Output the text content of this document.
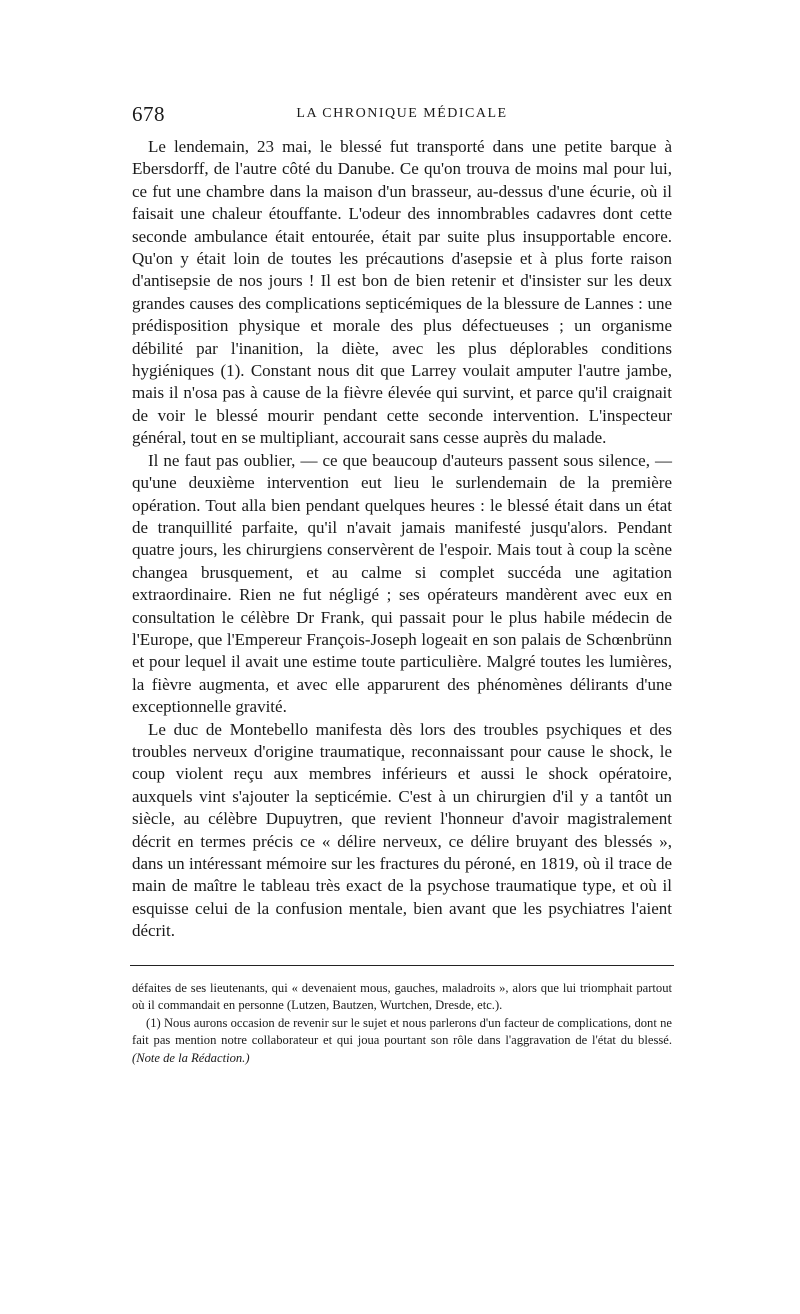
678	LA CHRONIQUE MÉDICALE

Le lendemain, 23 mai, le blessé fut transporté dans une petite barque à Ebersdorff, de l'autre côté du Danube. Ce qu'on trouva de moins mal pour lui, ce fut une chambre dans la maison d'un brasseur, au-dessus d'une écurie, où il faisait une chaleur étouffante. L'odeur des innombrables cadavres dont cette seconde ambulance était entourée, était par suite plus insupportable encore. Qu'on y était loin de toutes les précautions d'asepsie et à plus forte raison d'antisepsie de nos jours ! Il est bon de bien retenir et d'insister sur les deux grandes causes des complications septicémiques de la blessure de Lannes : une prédisposition physique et morale des plus défectueuses ; un organisme débilité par l'inanition, la diète, avec les plus déplorables conditions hygiéniques (1). Constant nous dit que Larrey voulait amputer l'autre jambe, mais il n'osa pas à cause de la fièvre élevée qui survint, et parce qu'il craignait de voir le blessé mourir pendant cette seconde intervention. L'inspecteur général, tout en se multipliant, accourait sans cesse auprès du malade.

Il ne faut pas oublier, — ce que beaucoup d'auteurs passent sous silence, — qu'une deuxième intervention eut lieu le surlendemain de la première opération. Tout alla bien pendant quelques heures : le blessé était dans un état de tranquillité parfaite, qu'il n'avait jamais manifesté jusqu'alors. Pendant quatre jours, les chirurgiens conservèrent de l'espoir. Mais tout à coup la scène changea brusquement, et au calme si complet succéda une agitation extraordinaire. Rien ne fut négligé ; ses opérateurs mandèrent avec eux en consultation le célèbre Dr Frank, qui passait pour le plus habile médecin de l'Europe, que l'Empereur François-Joseph logeait en son palais de Schœnbrünn et pour lequel il avait une estime toute particulière. Malgré toutes les lumières, la fièvre augmenta, et avec elle apparurent des phénomènes délirants d'une exceptionnelle gravité.

Le duc de Montebello manifesta dès lors des troubles psychiques et des troubles nerveux d'origine traumatique, reconnaissant pour cause le shock, le coup violent reçu aux membres inférieurs et aussi le shock opératoire, auxquels vint s'ajouter la septicémie. C'est à un chirurgien d'il y a tantôt un siècle, au célèbre Dupuytren, que revient l'honneur d'avoir magistralement décrit en termes précis ce « délire nerveux, ce délire bruyant des blessés », dans un intéressant mémoire sur les fractures du péroné, en 1819, où il trace de main de maître le tableau très exact de la psychose traumatique type, et où il esquisse celui de la confusion mentale, bien avant que les psychiatres l'aient décrit.

défaites de ses lieutenants, qui « devenaient mous, gauches, maladroits », alors que lui triomphait partout où il commandait en personne (Lutzen, Bautzen, Wurtchen, Dresde, etc.).

(1) Nous aurons occasion de revenir sur le sujet et nous parlerons d'un facteur de complications, dont ne fait pas mention notre collaborateur et qui joua pourtant son rôle dans l'aggravation de l'état du blessé. (Note de la Rédaction.)
